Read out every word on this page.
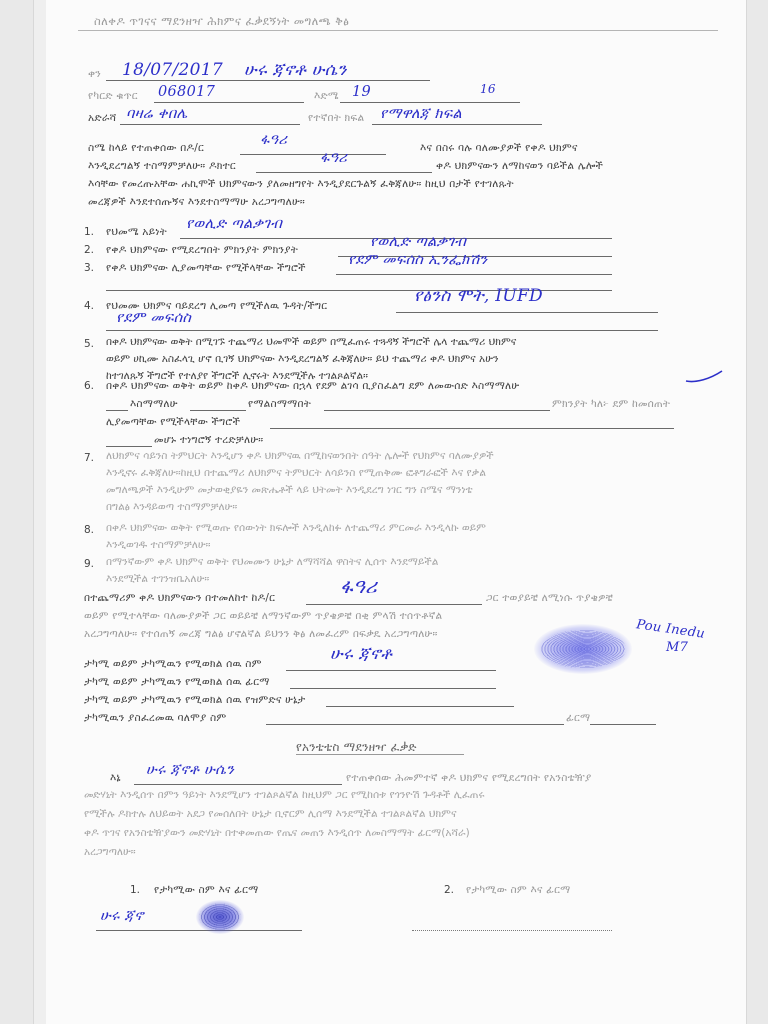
ስለቀዶ ጥገናና ማደንዘዣ ሕክምና ፈቃደኝነት መግለጫ ቅፅ
ቀን 18/07/2017 ሁሩ ጃኖቶ ሁሴን
የካርድ ቁጥር 068017	እድሜ 19	16
አድራሻ ባዛሬ ቀበሌ	የተኛበት ክፍል የማዋለጃ ክፍል
ስሜ ከላይ የተጠቀሰው በዶ/ር	ፋዓሪ	እና በስሩ ባሉ ባለሙያዎች የቀዶ ህክምና
እንዲደረግልኝ ተስማምቻለሁ። ዶክተር	ፋዓሪ	ቀዶ ህክምናውን ለማከናወን ባይችል ሌሎች
እሳቸው የመረጡአቸው ሐኪሞች ህክምናውን ያለመዘግየት እንዲያደርጉልኝ ፈቅጃለሁ። ከዚህ በታች የተገለጹት
መረጃዎች እንደተሰጡኝና እንደተስማማሁ አረጋግጣለሁ።
1. የህመሜ አይነት የወሊድ ጣልቃገብ
2. የቀዶ ህክምናው የሚደረግበት ምክንያት ምክንያት	የወሊድ ጣልቃገብ
3. የቀዶ ህክምናው ሊያመጣቸው የሚችላቸው ችግሮች	የደም መፍሰስ ኢንፌክሽን
4. የህመሙ ህክምና ባይደረግ ሊመጣ የሚችለዉ ጉዳት/ችግር	የፅንስ ሞት, IUFD
የደም መፍሰስ
5. በቀዶ ህክምናው ወቅት በሚገኙ ተጨማሪ ህመሞች ወይም በሚፈጠሩ ተጓዳኝ ችግሮች ሌላ ተጨማሪ ህክምና
ወይም ሀኪሙ አስፈላጊ ሆኖ ቢገኝ ህክምናው እንዲደረግልኝ ፈቅጃለሁ። ይህ ተጨማሪ ቀዶ ህክምና አሁን
ከተገለጹኝ ችግሮች የተለያየ ችግሮች ሊኖሩት እንደሚችሉ ተገልጾልኛል።
6. በቀዶ ህክምናው ወቅት ወይም ከቀዶ ህክምናው በኋላ የደም ልገሳ ቢያስፈልግ ደም ለመውሰድ እስማማለሁ
እስማማለሁ	የማልስማማበት	ምክንያት ካለ፦ ደም ከመሰጠት
ሊያመጣቸው የሚችላቸው ችግሮች
መሆኑ ተነግሮኝ ተረድቻለሁ።
7. ለህክምና ሳይንስ ትምህርት እንዲሆን ቀዶ ህክምናዉ በሚከናወንበት ሰዓት ሌሎች የህክምና ባለሙያዎች
እንዲኖሩ ፈቅጃለሁ።ከዚህ በተጨማሪ ለህክምና ትምህርት ለሳይንስ የሚጠቅሙ ፎቶግራፎች እና የቃል
መግለጫዎች እንዲሁም መታወቂያዬን መጽሔቶች ላይ ህትመት እንዲደረግ ነገር ግን ስሜና ማንነቴ
በግልፅ እንዳይወጣ ተስማምቻለሁ።
8. በቀዶ ህክምናው ወቅት የሚወጡ የሰውነት ክፍሎች እንዲለከፉ ለተጨማሪ ምርመራ እንዲላኩ ወይም
እንዲወገዱ ተስማምቻለሁ።
9. በማንኛውም ቀዶ ህክምና ወቅት የህመሙን ሁኔታ ለማሻሻል ዋስትና ሊሰጥ እንደማይችል
እንደሚችል ተገንዝቤአለሁ።
በተጨማሪም ቀዶ ህክምናውን በተመለከተ ከዶ/ር	ፋዓሪ	ጋር ተወያይቼ ለሚነሱ ጥያቄዎቼ
ወይም የሚተላቸው ባለሙያዎች ጋር ወይይቼ ለማንኛውም ጥያቄዎቼ በቂ ምላሽ ተሰጥቶኛል
አረጋግጣለሁ። የተሰጠኝ መረጃ ግልፅ ሆኖልኛል ይህንን ቅፅ ለመፈረም በፍቃዴ አረጋግጣለሁ።	Pou Inedu
M7
ታካሚ ወይም ታካሚዉን የሚወክል ሰዉ ስም	ሁሩ ጃኖቶ
ታካሚ ወይም ታካሚዉን የሚወክል ሰዉ ፊርማ
ታካሚ ወይም ታካሚዉን የሚወክል ሰዉ የዝምድና ሁኔታ
ታካሚዉን ያስፈረመዉ ባለሞያ ስም	ፊርማ
የአንቴቴስ ማደንዘዣ ፈቃድ
እኔ ሁሩ ጃኖቶ ሁሴን	የተጠቀሰው ሕመምተኛ ቀዶ ህክምና የሚደረግበት የአንስቴዥያ
መድሃኒት እንዲሰጥ በምን ዓይነት እንደሚሆን ተገልጾልኛል ከዚህም ጋር የሚከሰቱ የጎንዮሽ ጉዳቶች ሊፈጠሩ
የሚችሉ ዶክተሉ ለህይወት አደጋ የመሰለበት ሁኔታ ቢኖርም ሊሰማ እንደሚችል ተገልጾልኛል ህክምና
ቀዶ ጥገና የአንስቴዥያውን መድሃኒት በተቀመጠው የጤና መጠን እንዲሰጥ ለመስማማት ፊርማ(አሻራ)
አረጋግጣለሁ።
1. የታካሚው ስም እና ፊርማ
ሁሩ ጃኖ
2. የታካሚው ስም እና ፊርማ
